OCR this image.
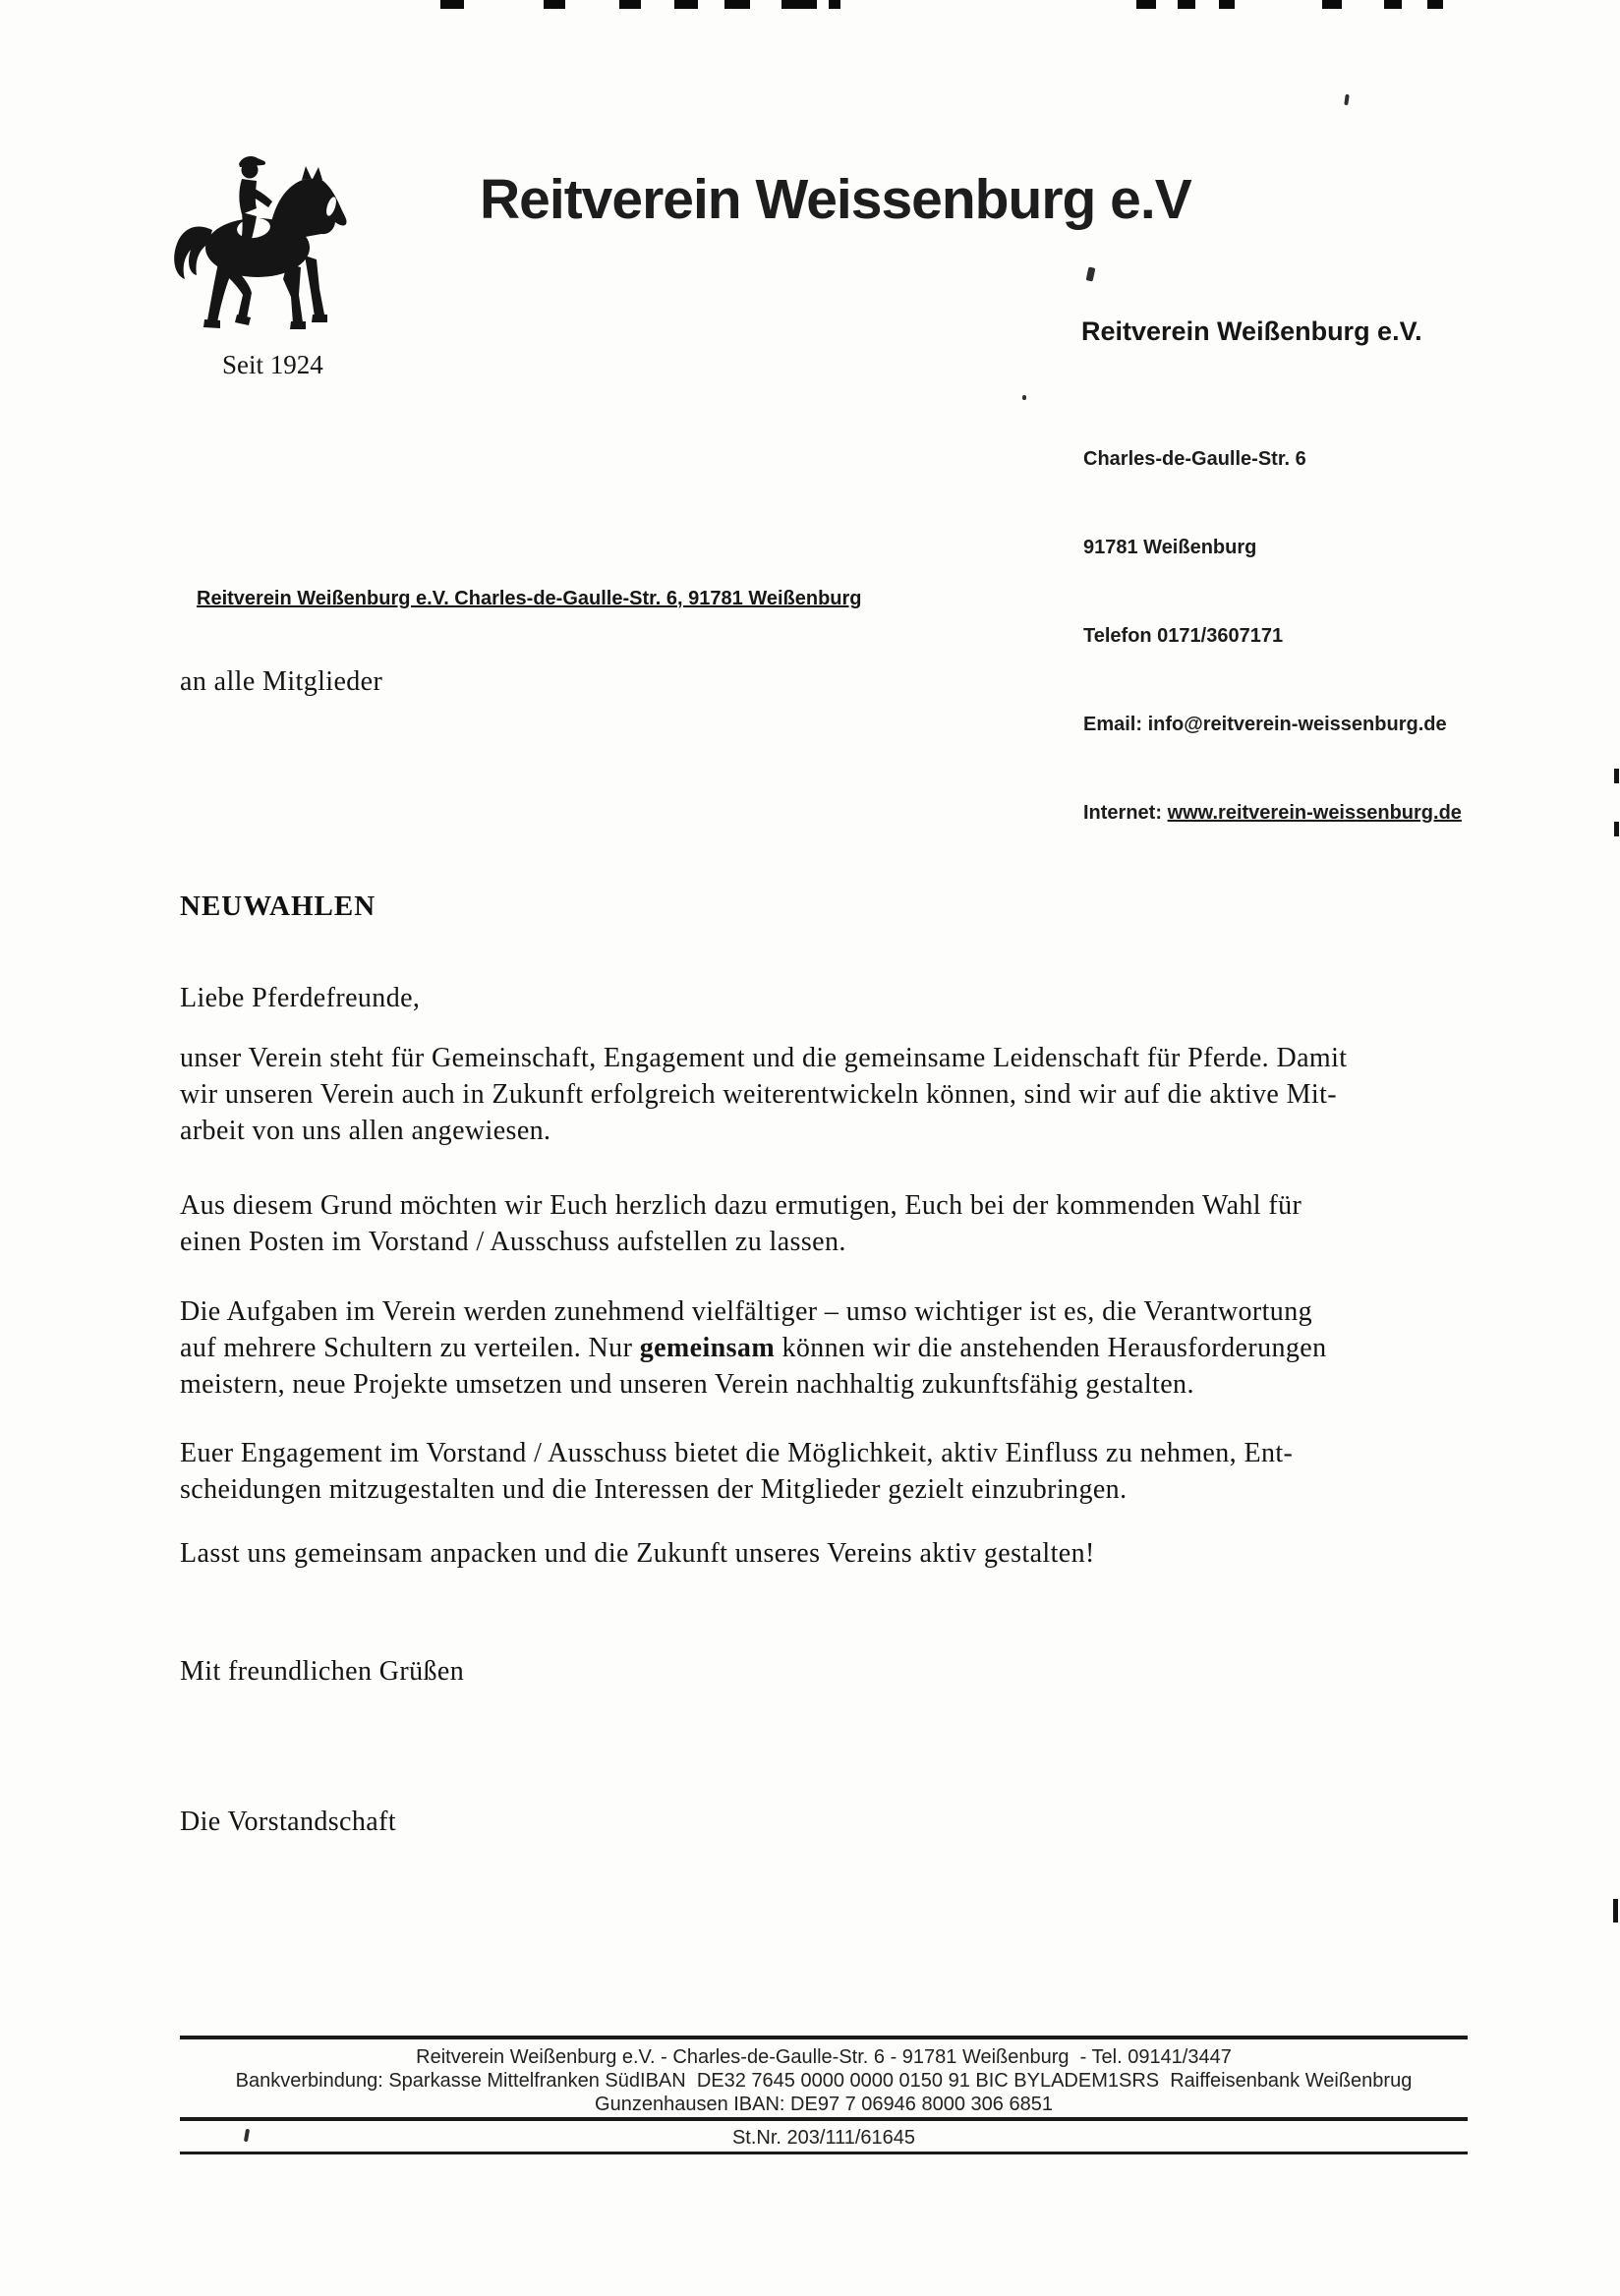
Seit 1924
Reitverein Weissenburg e.V
Reitverein Weißenburg e.V.

Charles-de-Gaulle-Str. 6

91781 Weißenburg

Telefon 0171/3607171

Email: info@reitverein-weissenburg.de

Internet: www.reitverein-weissenburg.de

Reitverein Weißenburg e.V. Charles-de-Gaulle-Str. 6, 91781 Weißenburg
an alle Mitglieder
NEUWAHLEN
Liebe Pferdefreunde,
unser Verein steht für Gemeinschaft, Engagement und die gemeinsame Leidenschaft für Pferde. Damit
wir unseren Verein auch in Zukunft erfolgreich weiterentwickeln können, sind wir auf die aktive Mit-
arbeit von uns allen angewiesen.
Aus diesem Grund möchten wir Euch herzlich dazu ermutigen, Euch bei der kommenden Wahl für
einen Posten im Vorstand / Ausschuss aufstellen zu lassen.
Die Aufgaben im Verein werden zunehmend vielfältiger – umso wichtiger ist es, die Verantwortung
auf mehrere Schultern zu verteilen. Nur gemeinsam können wir die anstehenden Herausforderungen
meistern, neue Projekte umsetzen und unseren Verein nachhaltig zukunftsfähig gestalten.
Euer Engagement im Vorstand / Ausschuss bietet die Möglichkeit, aktiv Einfluss zu nehmen, Ent-
scheidungen mitzugestalten und die Interessen der Mitglieder gezielt einzubringen.
Lasst uns gemeinsam anpacken und die Zukunft unseres Vereins aktiv gestalten!
Mit freundlichen Grüßen
Die Vorstandschaft
Reitverein Weißenburg e.V. - Charles-de-Gaulle-Str. 6 - 91781 Weißenburg  - Tel. 09141/3447
Bankverbindung: Sparkasse Mittelfranken SüdIBAN  DE32 7645 0000 0000 0150 91 BIC BYLADEM1SRS  Raiffeisenbank Weißenbrug
Gunzenhausen IBAN: DE97 7 06946 8000 306 6851
St.Nr. 203/111/61645
